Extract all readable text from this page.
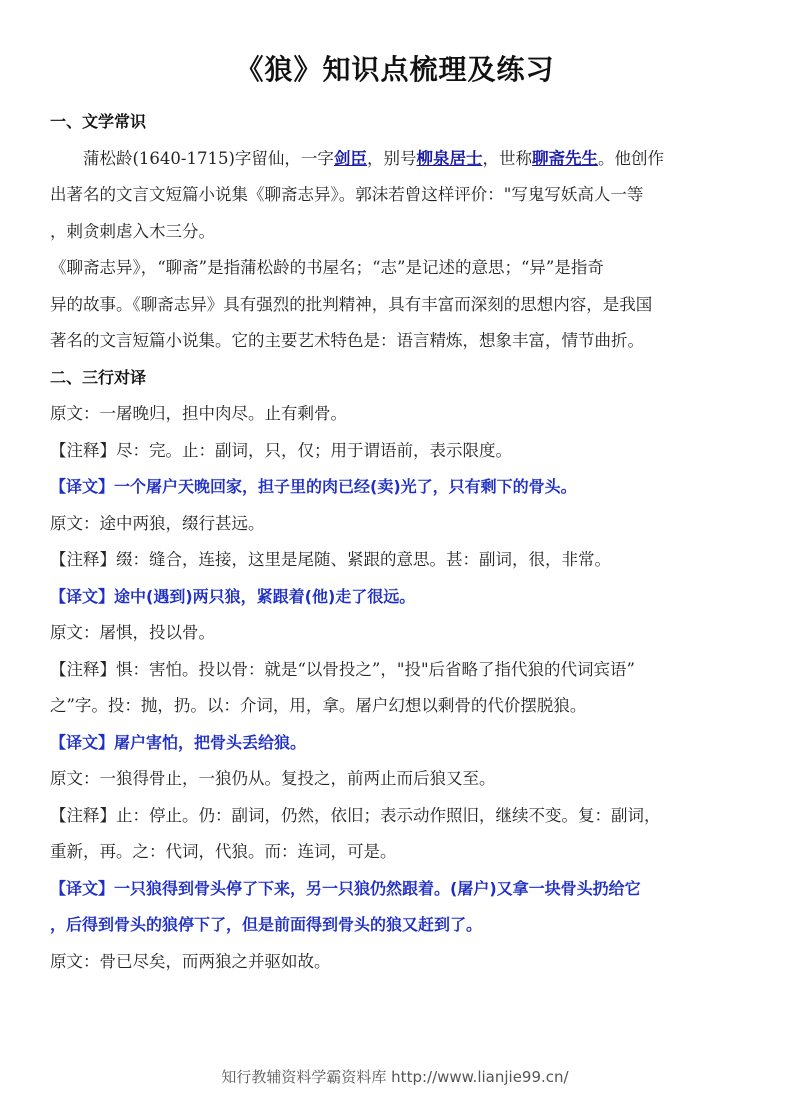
《狼》知识点梳理及练习
一、文学常识
蒲松龄(1640-1715)字留仙，一字剑臣，别号柳泉居士，世称聊斋先生。他创作
出著名的文言文短篇小说集《聊斋志异》。郭沫若曾这样评价："写鬼写妖高人一等
，刺贪刺虐入木三分。
《聊斋志异》，“聊斋”是指蒲松龄的书屋名；“志”是记述的意思；“异”是指奇
异的故事。《聊斋志异》具有强烈的批判精神，具有丰富而深刻的思想内容，是我国
著名的文言短篇小说集。它的主要艺术特色是：语言精炼，想象丰富，情节曲折。
二、三行对译
原文：一屠晚归，担中肉尽。止有剩骨。
【注释】尽：完。止：副词，只，仅；用于谓语前，表示限度。
【译文】一个屠户天晚回家，担子里的肉已经(卖)光了，只有剩下的骨头。
原文：途中两狼，缀行甚远。
【注释】缀：缝合，连接，这里是尾随、紧跟的意思。甚：副词，很，非常。
【译文】途中(遇到)两只狼，紧跟着(他)走了很远。
原文：屠惧，投以骨。
【注释】惧：害怕。投以骨：就是“以骨投之”，"投"后省略了指代狼的代词宾语”
之”字。投：抛，扔。以：介词，用，拿。屠户幻想以剩骨的代价摆脱狼。
【译文】屠户害怕，把骨头丢给狼。
原文：一狼得骨止，一狼仍从。复投之，前两止而后狼又至。
【注释】止：停止。仍：副词，仍然，依旧；表示动作照旧，继续不变。复：副词，
重新，再。之：代词，代狼。而：连词，可是。
【译文】一只狼得到骨头停了下来，另一只狼仍然跟着。(屠户)又拿一块骨头扔给它
，后得到骨头的狼停下了，但是前面得到骨头的狼又赶到了。
原文：骨已尽矣，而两狼之并驱如故。
知行教辅资料学霸资料库 http://www.lianjie99.cn/
